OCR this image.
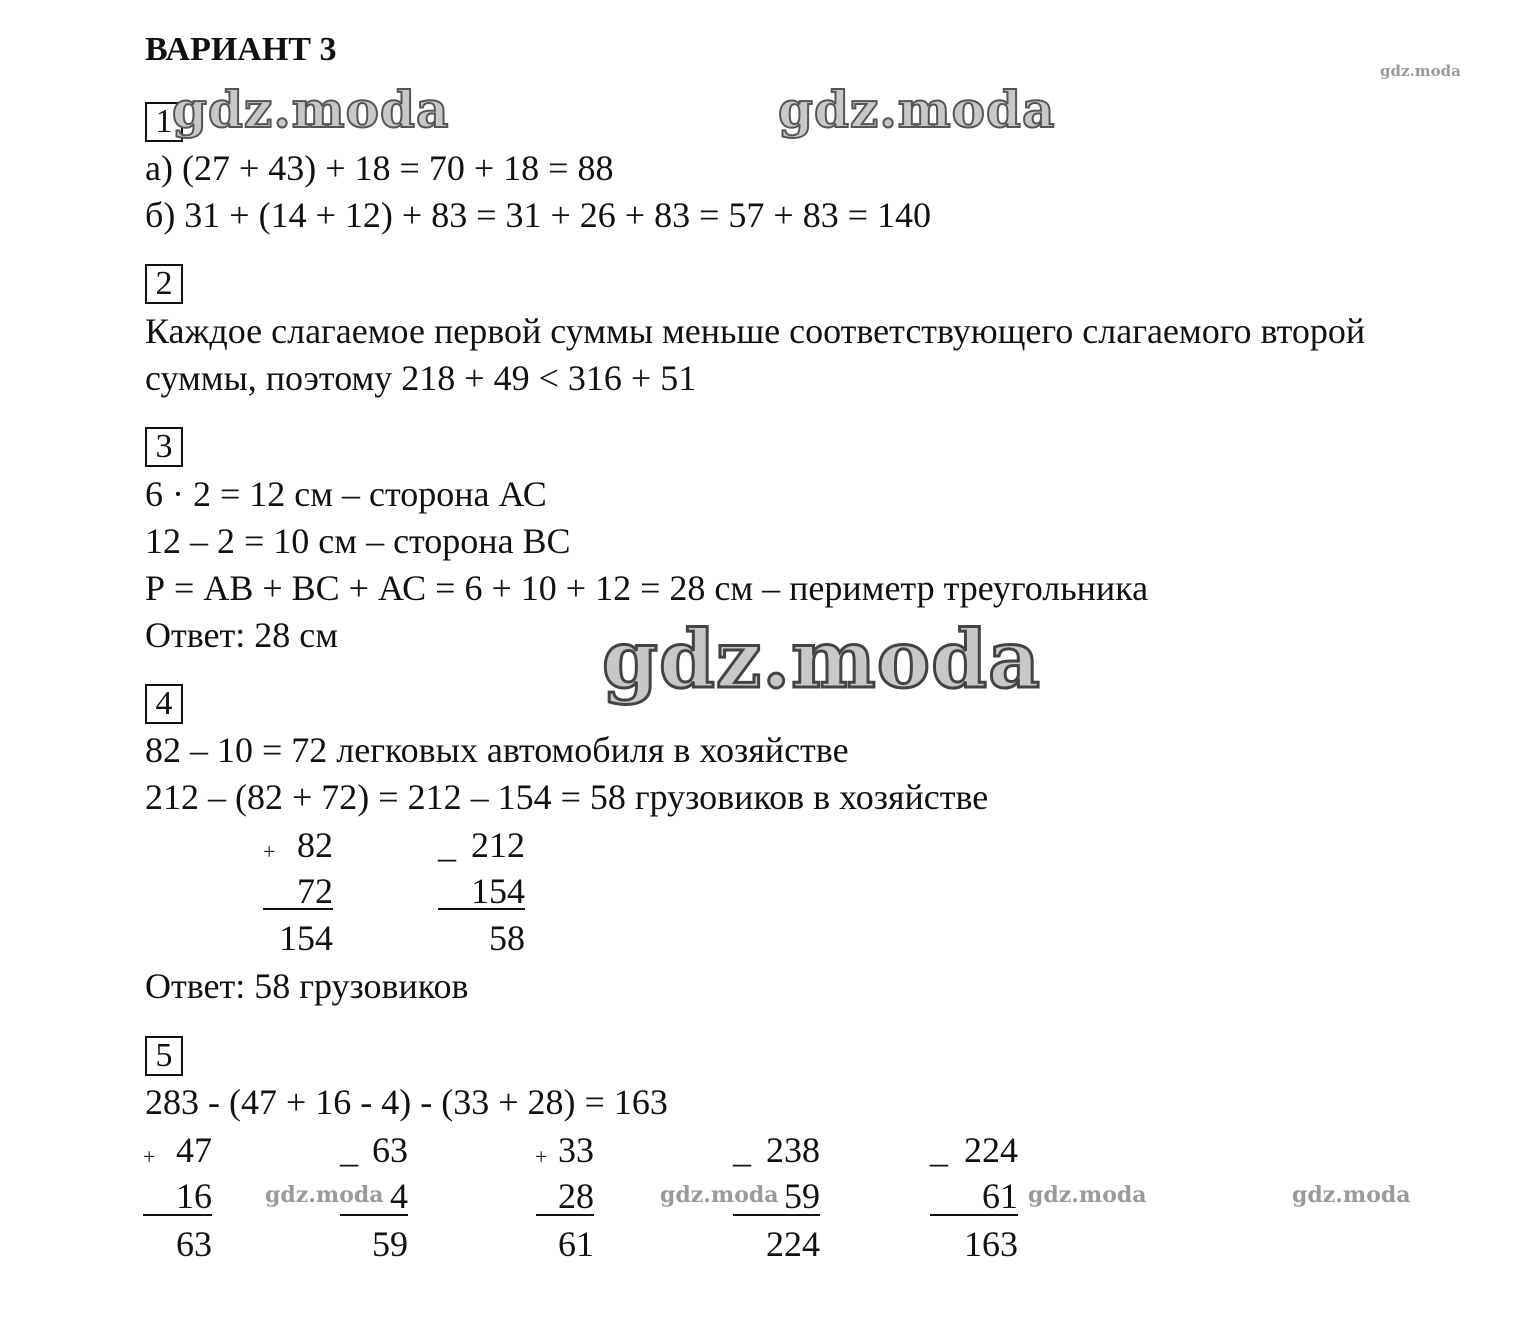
ВАРИАНТ 3
1
а) (27 + 43) + 18 = 70 + 18 = 88
б) 31 + (14 + 12) + 83 = 31 + 26 + 83 = 57 + 83 = 140
2
Каждое слагаемое первой суммы меньше соответствующего слагаемого второй
суммы, поэтому 218 + 49 < 316 + 51
3
6 · 2 = 12 см – сторона АС
12 – 2 = 10 см – сторона ВС
Р = АВ + ВС + АС = 6 + 10 + 12 = 28 см – периметр треугольника
Ответ: 28 см
4
82 – 10 = 72 легковых автомобиля в хозяйстве
212 – (82 + 72) = 212 – 154 = 58 грузовиков в хозяйстве
+ 82
72
154
_ 212
154
58
Ответ: 58 грузовиков
5
283 - (47 + 16 - 4) - (33 + 28) = 163
+ 47
16
63
_ 63
4
59
+ 33
28
61
_ 238
59
224
_ 224
61
163
gdz.moda
gdz.moda	gdz.moda
gdz.moda
gdz.moda	gdz.moda	gdz.moda	gdz.moda
